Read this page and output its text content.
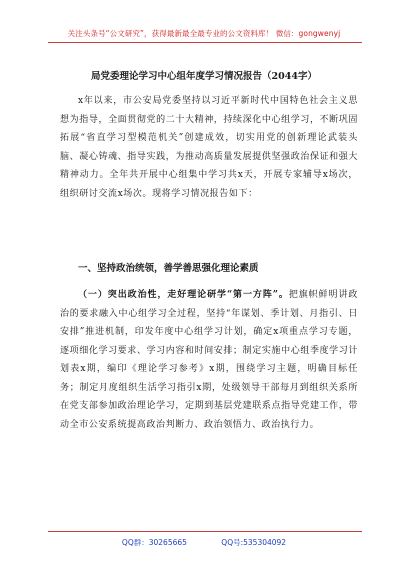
关注头条号“公文研究”，获得最新最全最专业的公文资料库！ 微信：gongwenyj
局党委理论学习中心组年度学习情况报告（2044字）
x年以来，市公安局党委坚持以习近平新时代中国特色社会主义思想为指导，全面贯彻党的二十大精神，持续深化中心组学习，不断巩固拓展“省直学习型模范机关”创建成效，切实用党的创新理论武装头脑、凝心铸魂、指导实践，为推动高质量发展提供坚强政治保证和强大精神动力。全年共开展中心组集中学习共x天，开展专家辅导x场次，组织研讨交流x场次。现将学习情况报告如下：
一、坚持政治统领，善学善思强化理论素质
（一）突出政治性，走好理论研学“第一方阵”。把旗帜鲜明讲政治的要求融入中心组学习全过程，坚持“年谋划、季计划、月指引、日安排”推进机制，印发年度中心组学习计划，确定x项重点学习专题，逐项细化学习要求、学习内容和时间安排；制定实施中心组季度学习计划表x期，编印《理论学习参考》x期，围绕学习主题，明确目标任务；制定月度组织生活学习指引x期，处级领导干部每月到组织关系所在党支部参加政治理论学习，定期到基层党建联系点指导党建工作，带动全市公安系统提高政治判断力、政治领悟力、政治执行力。
QQ群：30265665	QQ号:535304092
